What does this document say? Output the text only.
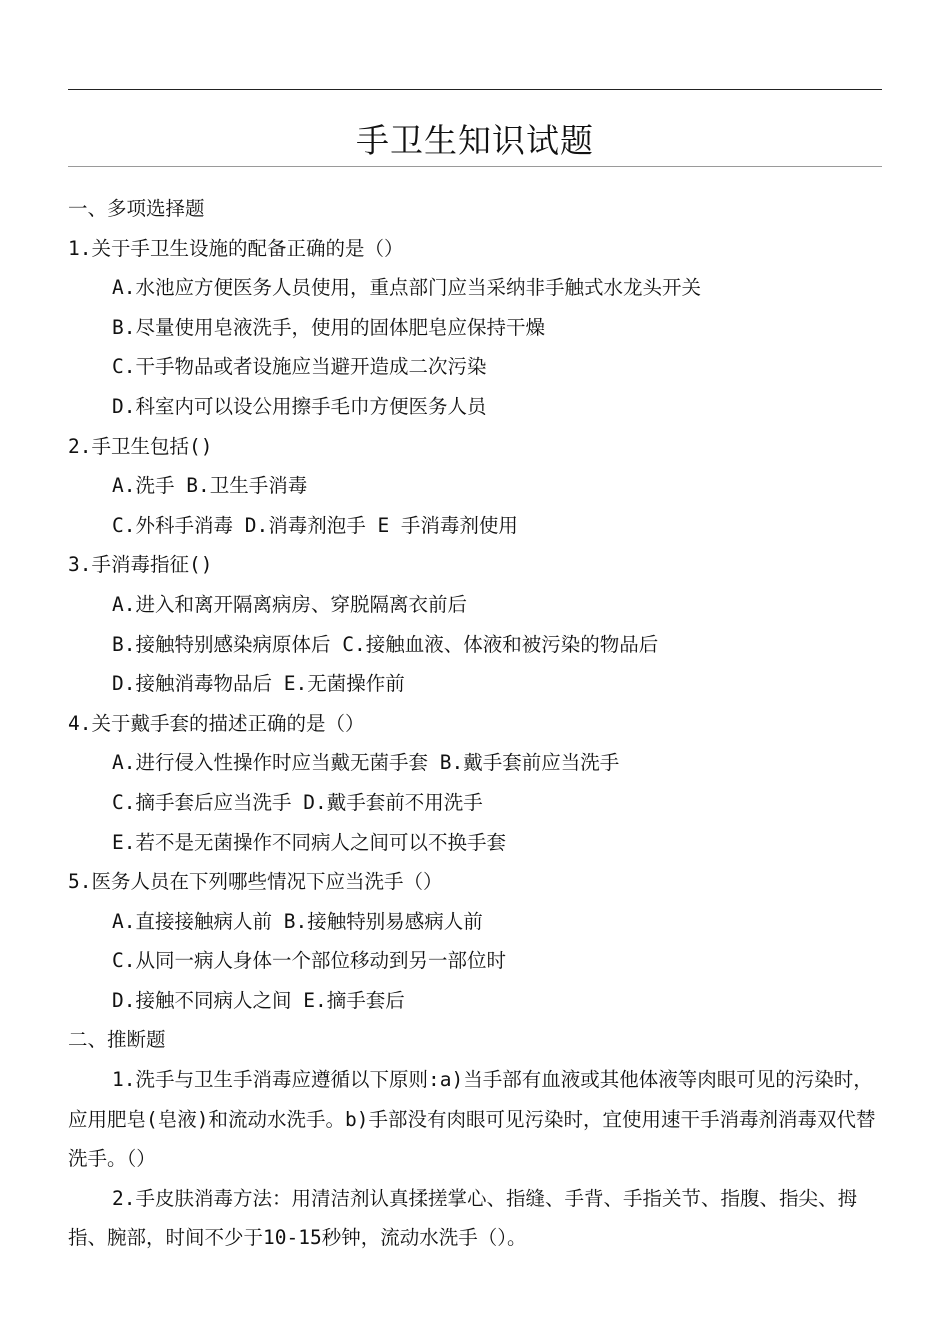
手卫生知识试题
一、多项选择题
1.关于手卫生设施的配备正确的是（）
A.水池应方便医务人员使用，重点部门应当采纳非手触式水龙头开关
B.尽量使用皂液洗手，使用的固体肥皂应保持干燥
C.干手物品或者设施应当避开造成二次污染
D.科室内可以设公用擦手毛巾方便医务人员
2.手卫生包括()
A.洗手 B.卫生手消毒
C.外科手消毒 D.消毒剂泡手 E 手消毒剂使用
3.手消毒指征()
A.进入和离开隔离病房、穿脱隔离衣前后
B.接触特别感染病原体后 C.接触血液、体液和被污染的物品后
D.接触消毒物品后 E.无菌操作前
4.关于戴手套的描述正确的是（）
A.进行侵入性操作时应当戴无菌手套 B.戴手套前应当洗手
C.摘手套后应当洗手 D.戴手套前不用洗手
E.若不是无菌操作不同病人之间可以不换手套
5.医务人员在下列哪些情况下应当洗手（）
A.直接接触病人前 B.接触特别易感病人前
C.从同一病人身体一个部位移动到另一部位时
D.接触不同病人之间 E.摘手套后
二、推断题
1.洗手与卫生手消毒应遵循以下原则:a)当手部有血液或其他体液等肉眼可见的污染时，应用肥皂(皂液)和流动水洗手。b)手部没有肉眼可见污染时，宜使用速干手消毒剂消毒双代替洗手。（）
2.手皮肤消毒方法：用清洁剂认真揉搓掌心、指缝、手背、手指关节、指腹、指尖、拇指、腕部，时间不少于10-15秒钟，流动水洗手（）。
